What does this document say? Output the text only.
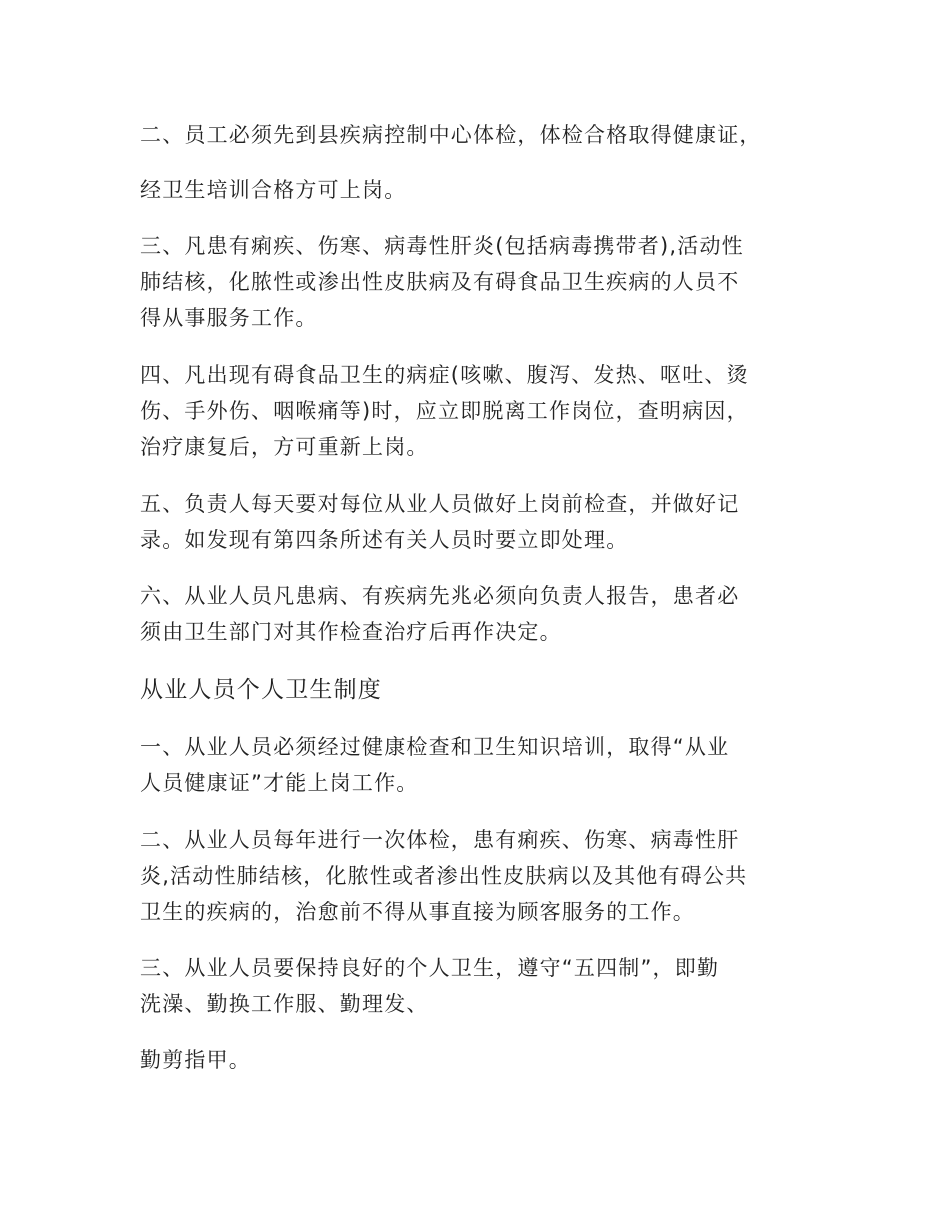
二、员工必须先到县疾病控制中心体检，体检合格取得健康证，

经卫生培训合格方可上岗。

三、凡患有痢疾、伤寒、病毒性肝炎(包括病毒携带者),活动性
肺结核，化脓性或渗出性皮肤病及有碍食品卫生疾病的人员不
得从事服务工作。

四、凡出现有碍食品卫生的病症(咳嗽、腹泻、发热、呕吐、烫
伤、手外伤、咽喉痛等)时，应立即脱离工作岗位，查明病因，
治疗康复后，方可重新上岗。

五、负责人每天要对每位从业人员做好上岗前检查，并做好记
录。如发现有第四条所述有关人员时要立即处理。

六、从业人员凡患病、有疾病先兆必须向负责人报告，患者必
须由卫生部门对其作检查治疗后再作决定。

从业人员个人卫生制度

一、从业人员必须经过健康检查和卫生知识培训，取得“从业
人员健康证”才能上岗工作。

二、从业人员每年进行一次体检，患有痢疾、伤寒、病毒性肝
炎,活动性肺结核，化脓性或者渗出性皮肤病以及其他有碍公共
卫生的疾病的，治愈前不得从事直接为顾客服务的工作。

三、从业人员要保持良好的个人卫生，遵守“五四制”，即勤
洗澡、勤换工作服、勤理发、

勤剪指甲。
